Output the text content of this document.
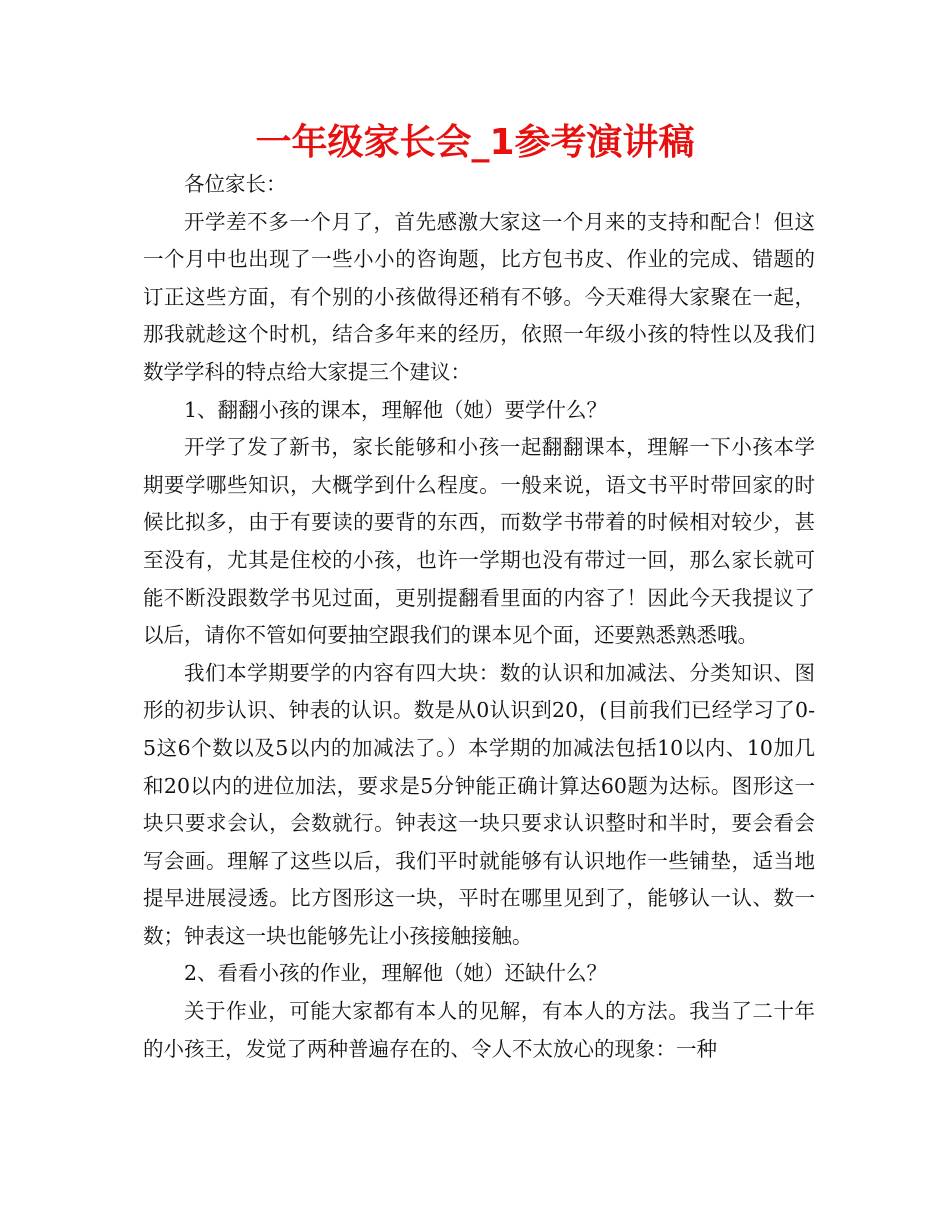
一年级家长会_1参考演讲稿

各位家长：

开学差不多一个月了，首先感激大家这一个月来的支持和配合！但这一个月中也出现了一些小小的咨询题，比方包书皮、作业的完成、错题的订正这些方面，有个别的小孩做得还稍有不够。今天难得大家聚在一起，那我就趁这个时机，结合多年来的经历，依照一年级小孩的特性以及我们数学学科的特点给大家提三个建议：

1、翻翻小孩的课本，理解他（她）要学什么？

开学了发了新书，家长能够和小孩一起翻翻课本，理解一下小孩本学期要学哪些知识，大概学到什么程度。一般来说，语文书平时带回家的时候比拟多，由于有要读的要背的东西，而数学书带着的时候相对较少，甚至没有，尤其是住校的小孩，也许一学期也没有带过一回，那么家长就可能不断没跟数学书见过面，更别提翻看里面的内容了！因此今天我提议了以后，请你不管如何要抽空跟我们的课本见个面，还要熟悉熟悉哦。

我们本学期要学的内容有四大块：数的认识和加减法、分类知识、图形的初步认识、钟表的认识。数是从0认识到20，(目前我们已经学习了0-5这6个数以及5以内的加减法了。）本学期的加减法包括10以内、10加几和20以内的进位加法，要求是5分钟能正确计算达60题为达标。图形这一块只要求会认，会数就行。钟表这一块只要求认识整时和半时，要会看会写会画。理解了这些以后，我们平时就能够有认识地作一些铺垫，适当地提早进展浸透。比方图形这一块，平时在哪里见到了，能够认一认、数一数；钟表这一块也能够先让小孩接触接触。

2、看看小孩的作业，理解他（她）还缺什么？

关于作业，可能大家都有本人的见解，有本人的方法。我当了二十年的小孩王，发觉了两种普遍存在的、令人不太放心的现象：一种
